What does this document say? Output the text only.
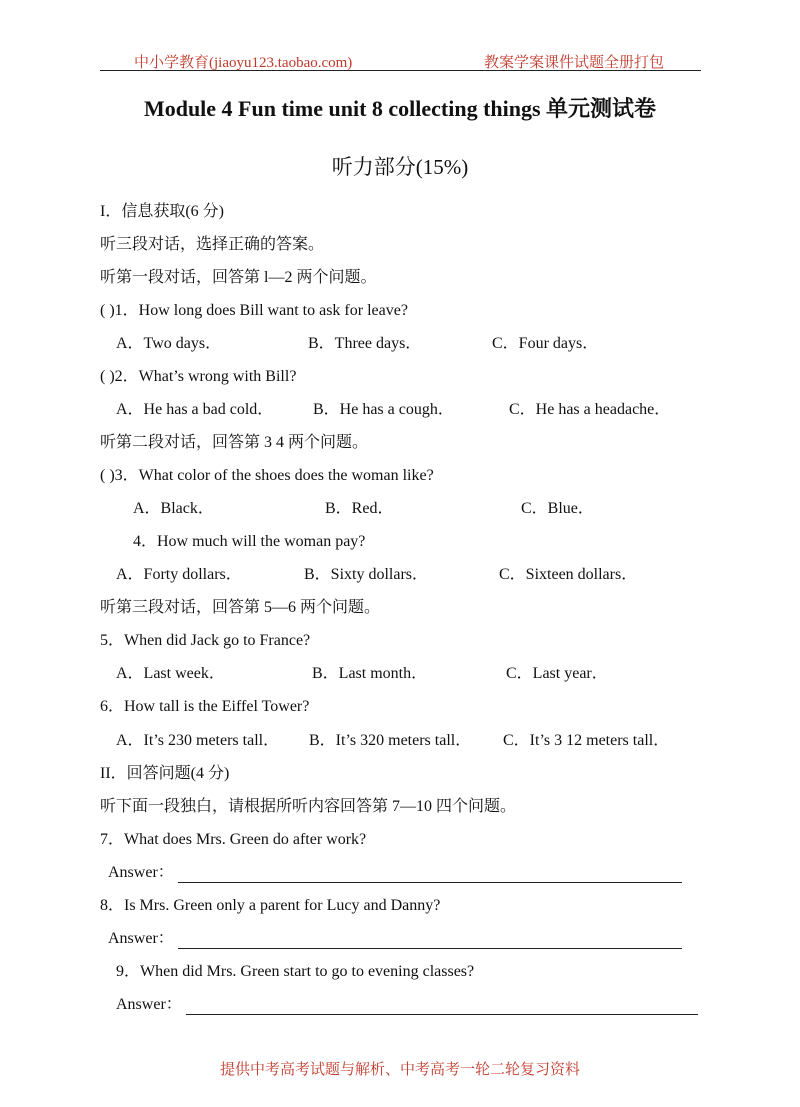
中小学教育(jiaoyu123.taobao.com)	教案学案课件试题全册打包
Module 4 Fun time unit 8 collecting things 单元测试卷
听力部分(15%)
I．信息获取(6 分)
听三段对话，选择正确的答案。
听第一段对话，回答第 l—2 两个问题。
( )1．How long does Bill want to ask for leave?
A．Two days．	B．Three days．	C．Four days．
( )2．What’s wrong with Bill?
A．He has a bad cold． B．He has a cough．	C．He has a headache．
听第二段对话，回答第 3 4 两个问题。
( )3．What color of the shoes does the woman like?
A．Black．	B．Red．	C．Blue．
4．How much will the woman pay?
A．Forty dollars．	B．Sixty dollars．	C．Sixteen dollars．
听第三段对话，回答第 5—6 两个问题。
5．When did Jack go to France?
A．Last week．	B．Last month．	C．Last year．
6．How tall is the Eiffel Tower?
A．It’s 230 meters tall． B．It’s 320 meters tall． C．It’s 3 12 meters tall．
II．回答问题(4 分)
听下面一段独白，请根据所听内容回答第 7—10 四个问题。
7．What does Mrs. Green do after work?
Answer：
8．Is Mrs. Green only a parent for Lucy and Danny?
Answer：
9．When did Mrs. Green start to go to evening classes?
Answer：
提供中考高考试题与解析、中考高考一轮二轮复习资料
